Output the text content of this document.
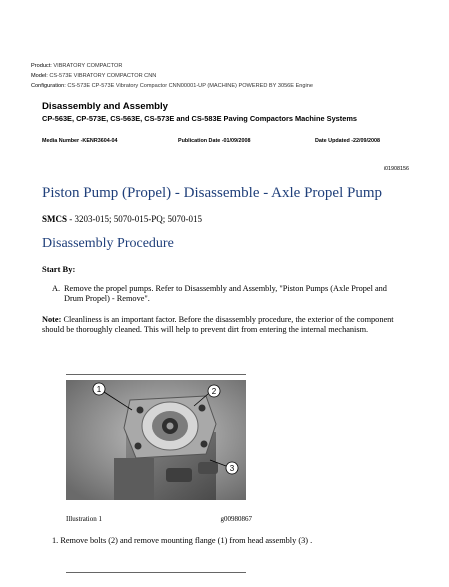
Product: VIBRATORY COMPACTOR
Model: CS-573E VIBRATORY COMPACTOR CNN
Configuration: CS-573E CP-573E Vibratory Compactor CNN00001-UP (MACHINE) POWERED BY 3056E Engine
Disassembly and Assembly
CP-563E, CP-573E, CS-563E, CS-573E and CS-583E Paving Compactors Machine Systems
Media Number -KENR3604-04	Publication Date -01/09/2008	Date Updated -22/09/2008
i01908156
Piston Pump (Propel) - Disassemble - Axle Propel Pump
SMCS - 3203-015; 5070-015-PQ; 5070-015
Disassembly Procedure
Start By:
A. Remove the propel pumps. Refer to Disassembly and Assembly, "Piston Pumps (Axle Propel and Drum Propel) - Remove".
Note: Cleanliness is an important factor. Before the disassembly procedure, the exterior of the component should be thoroughly cleaned. This will help to prevent dirt from entering the internal mechanism.
1	2
3
Illustration 1	g00980867
1. Remove bolts (2) and remove mounting flange (1) from head assembly (3) .
